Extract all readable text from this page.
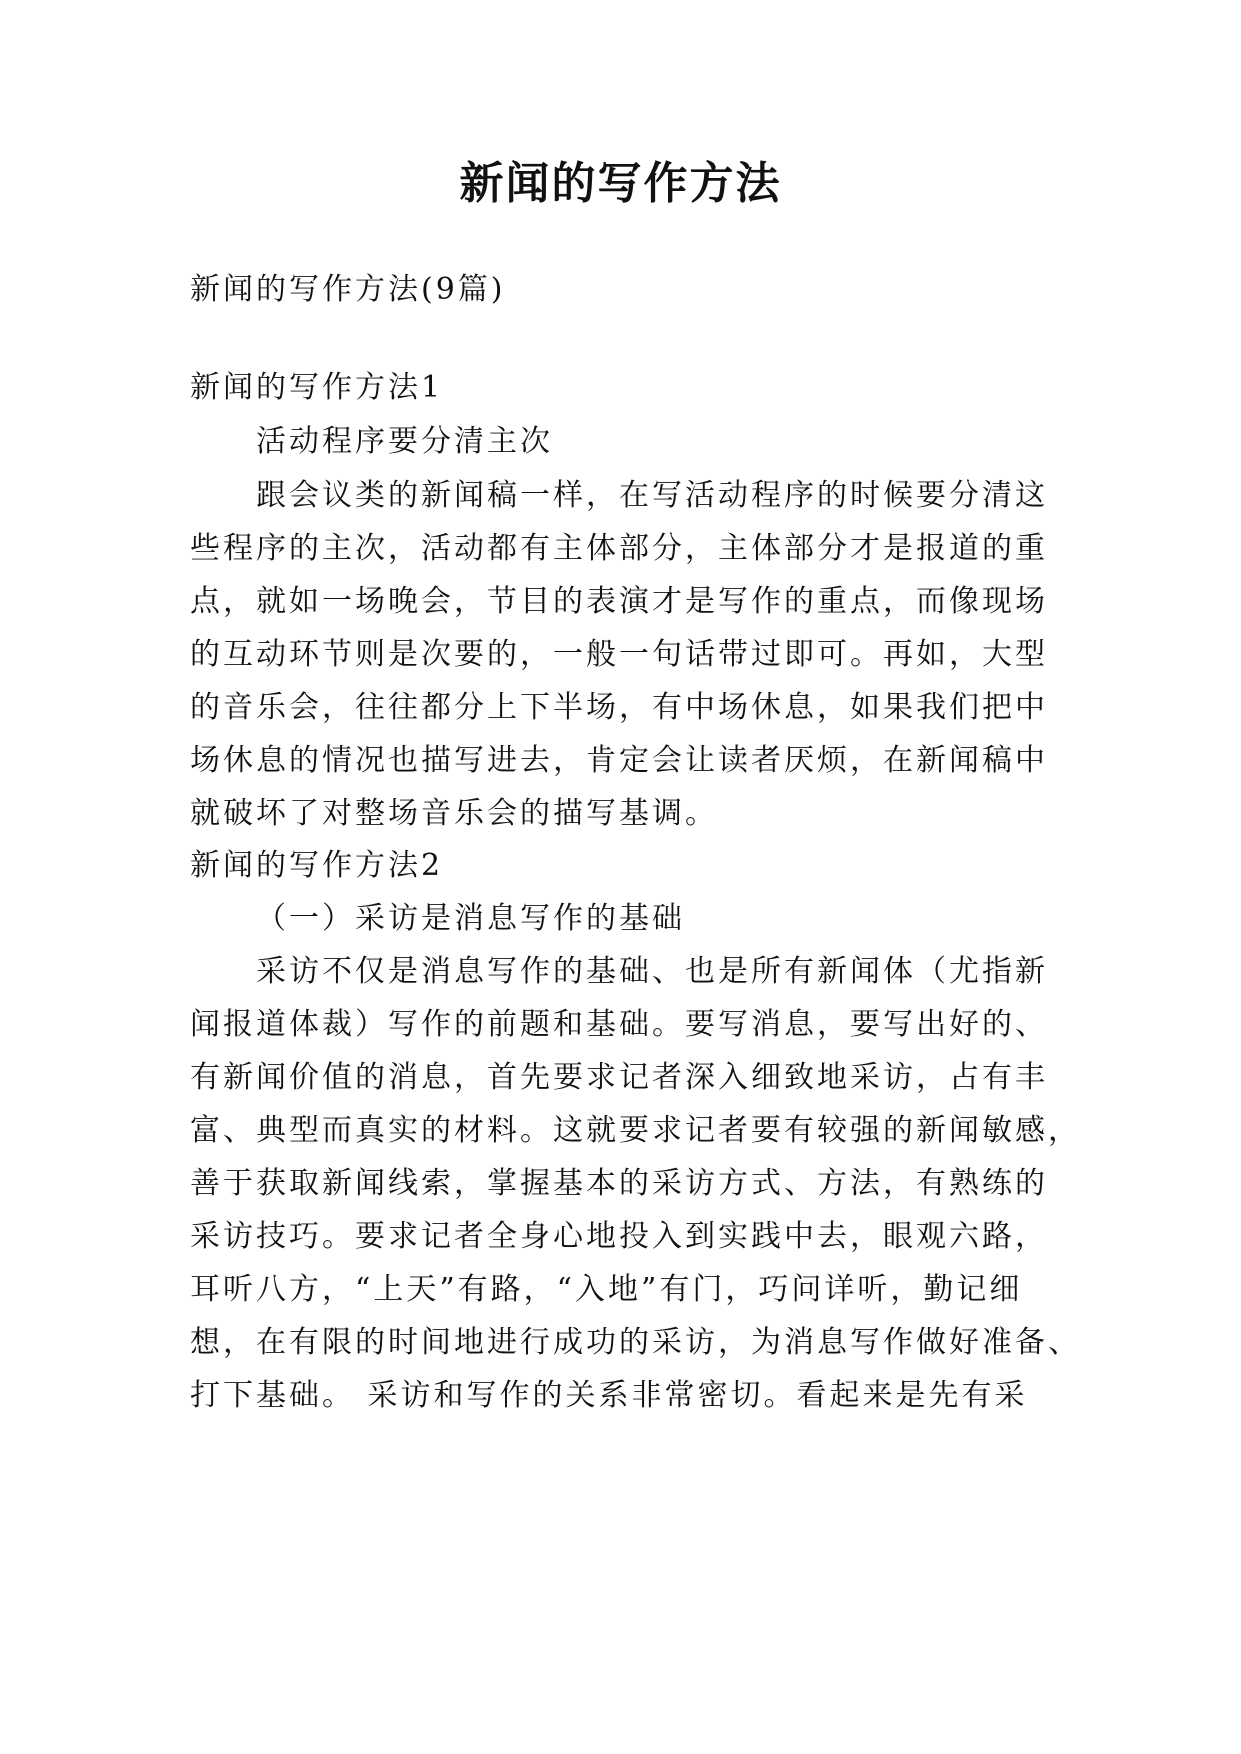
新闻的写作方法
新闻的写作方法(9篇)
新闻的写作方法1
活动程序要分清主次
跟会议类的新闻稿一样，在写活动程序的时候要分清这
些程序的主次，活动都有主体部分，主体部分才是报道的重
点，就如一场晚会，节目的表演才是写作的重点，而像现场
的互动环节则是次要的，一般一句话带过即可。再如，大型
的音乐会，往往都分上下半场，有中场休息，如果我们把中
场休息的情况也描写进去，肯定会让读者厌烦，在新闻稿中
就破坏了对整场音乐会的描写基调。
新闻的写作方法2
（一）采访是消息写作的基础
采访不仅是消息写作的基础、也是所有新闻体（尤指新
闻报道体裁）写作的前题和基础。要写消息，要写出好的、
有新闻价值的消息，首先要求记者深入细致地采访，占有丰
富、典型而真实的材料。这就要求记者要有较强的新闻敏感，
善于获取新闻线索，掌握基本的采访方式、方法，有熟练的
采访技巧。要求记者全身心地投入到实践中去，眼观六路，
耳听八方，“上天”有路，“入地”有门，巧问详听，勤记细
想，在有限的时间地进行成功的采访，为消息写作做好准备、
打下基础。 采访和写作的关系非常密切。看起来是先有采
